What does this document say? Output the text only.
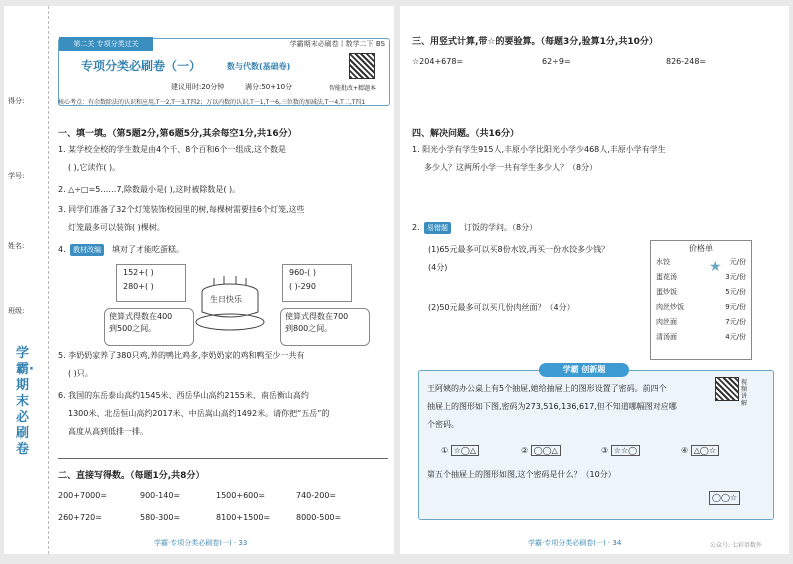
得分:
学号:
姓名:
班级:
学霸·期末必刷卷
第二关 专项分类过关	学霸期末必刷卷丨数学二下 BS
专项分类必刷卷（一）	数与代数(基础卷)
建议用时:20分钟	满分:50+10分	智能批改+精题本
核心考点：有余数除法的认识和应用,T一2,T一3,T四2；万以内数的认识,T一1,T一6,三位数的加减法,T一4,T二,T四1
一、填一填。（第5题2分,第6题5分,其余每空1分,共16分）
1. 某学校全校的学生数是由4个千、8个百和6个一组成,这个数是
( ),它读作( )。
2. △÷□=5……7,除数最小是( ),这时被除数是( )。
3. 同学们准备了32个灯笼装饰校园里的树,每棵树需要挂6个灯笼,这些
灯笼最多可以装饰( )棵树。
教材改编
4.	填对了才能吃蛋糕。
152+( )
280+( )
960-( )
( )-290
使算式得数在400
到500之间。
使算式得数在700
到800之间。
生日快乐
5. 李奶奶家养了380只鸡,养的鸭比鸡多,李奶奶家的鸡和鸭至少一共有
( )只。
6. 我国的东岳泰山高约1545米、西岳华山高约2155米、南岳衡山高约
1300米、北岳恒山高约2017米、中岳嵩山高约1492米。请你把“五岳”的
高度从高到低排一排。
二、直接写得数。（每题1分,共8分）
200+7000=	900-140=	1500+600=	740-200=
260+720=	580-300=	8100+1500=	8000-500=
学霸·专项分类必刷卷(一) · 33
三、用竖式计算,带☆的要验算。（每题3分,验算1分,共10分）
☆204+678=	62÷9=	826-248=
四、解决问题。（共16分）
1. 阳光小学有学生915人,丰原小学比阳光小学少468人,丰原小学有学生
多少人？这两所小学一共有学生多少人？（8分）
2.	易错题	订饭的学问。（8分）
(1)65元最多可以买8份水饺,再买一份水饺多少钱？
(4分)
(2)50元最多可以买几份肉丝面？（4分）
价格单
水饺	元/份
蛋花汤	3元/份
蛋炒饭	5元/份
肉丝炒饭	9元/份
肉丝面	7元/份
清汤面	4元/份
★
学霸 创新题
王阿姨的办公桌上有5个抽屉,她给抽屉上的图形设置了密码。前四个
抽屉上的图形如下图,密码为273,516,136,617,但不知道哪幅图对应哪
个密码。
视频讲解
① ☆◯△	② ◯◯△	③ ☆☆◯	④ △◯☆
第五个抽屉上的图形如图,这个密码是什么？（10分）
◯◯☆
学霸·专项分类必刷卷(一) · 34	公众号: 七彩语数外
